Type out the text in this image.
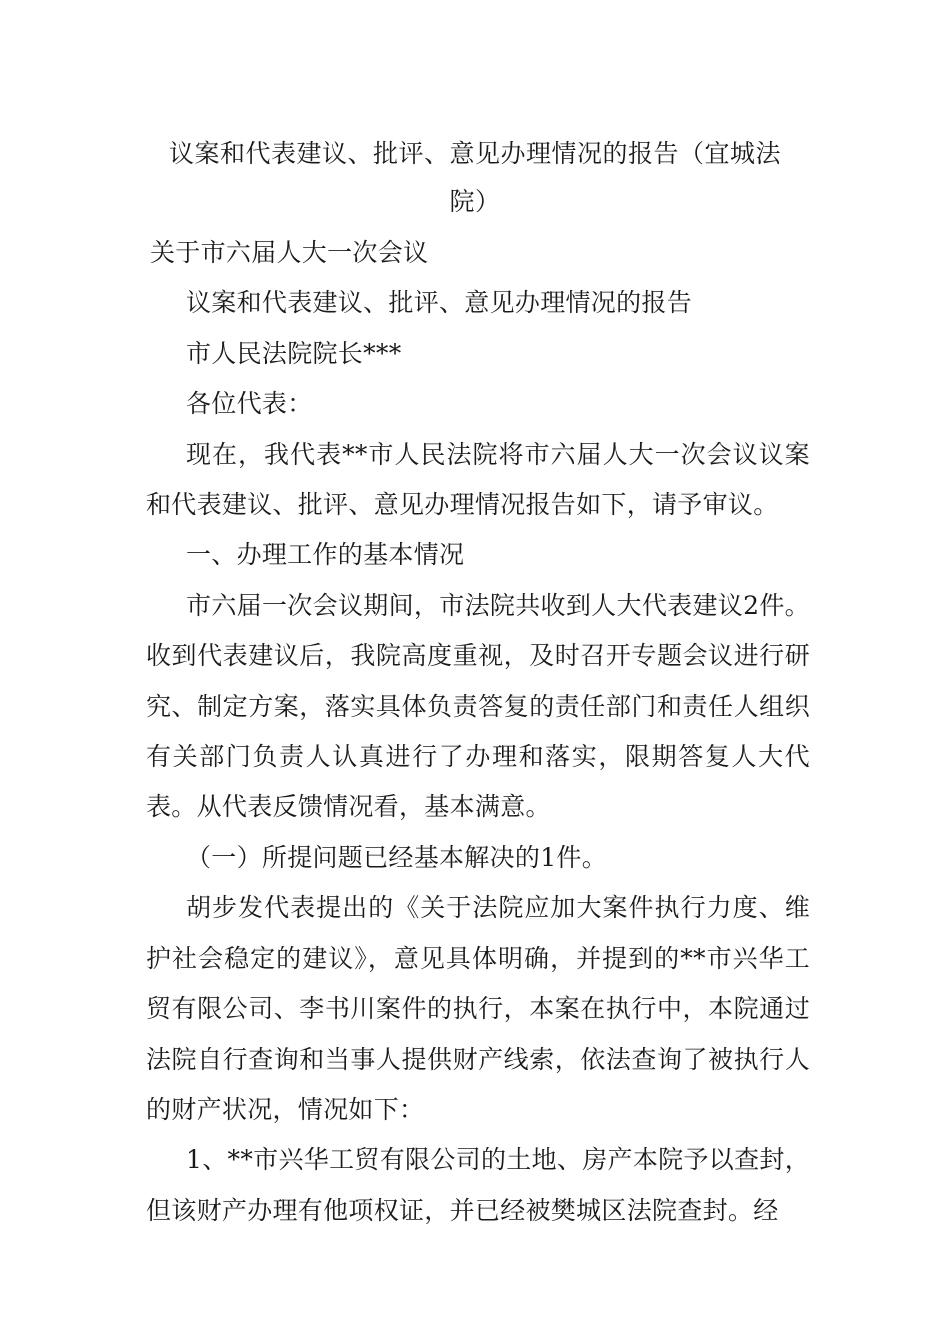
议案和代表建议、批评、意见办理情况的报告（宜城法院）

关于市六届人大一次会议

议案和代表建议、批评、意见办理情况的报告

市人民法院院长***

各位代表：

现在，我代表**市人民法院将市六届人大一次会议议案和代表建议、批评、意见办理情况报告如下，请予审议。

一、办理工作的基本情况

市六届一次会议期间，市法院共收到人大代表建议2件。收到代表建议后，我院高度重视，及时召开专题会议进行研究、制定方案，落实具体负责答复的责任部门和责任人组织有关部门负责人认真进行了办理和落实，限期答复人大代表。从代表反馈情况看，基本满意。

（一）所提问题已经基本解决的1件。

胡步发代表提出的《关于法院应加大案件执行力度、维护社会稳定的建议》，意见具体明确，并提到的**市兴华工贸有限公司、李书川案件的执行，本案在执行中，本院通过法院自行查询和当事人提供财产线索，依法查询了被执行人的财产状况，情况如下：

1、**市兴华工贸有限公司的土地、房产本院予以查封，但该财产办理有他项权证，并已经被樊城区法院查封。经
